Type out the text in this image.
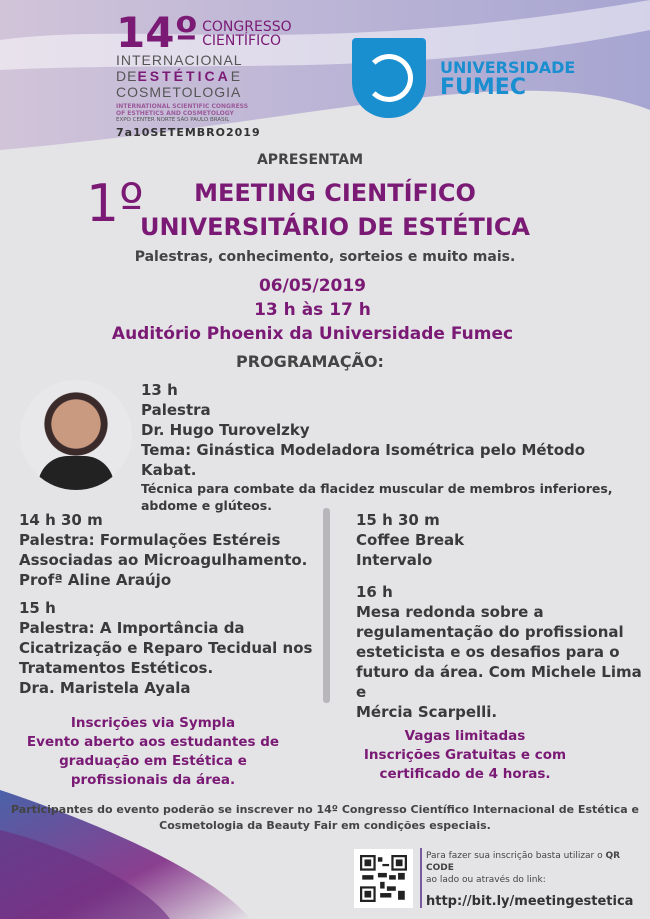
14º CONGRESSO
CIENTÍFICO
INTERNACIONAL
DEESTÉTICAE
COSMETOLOGIA
INTERNATIONAL SCIENTIFIC CONGRESS
OF ESTHETICS AND COSMETOLOGY
EXPO CENTER NORTE SÃO PAULO BRASIL
7a10SETEMBRO2019
UNIVERSIDADE
FUMEC
APRESENTAM
1º	MEETING CIENTÍFICO
UNIVERSITÁRIO DE ESTÉTICA
Palestras, conhecimento, sorteios e muito mais.
06/05/2019
13 h às 17 h
Auditório Phoenix da Universidade Fumec
PROGRAMAÇÃO:
13 h
Palestra
Dr. Hugo Turovelzky
Tema: Ginástica Modeladora Isométrica pelo Método Kabat.
Técnica para combate da flacidez muscular de membros inferiores, abdome e glúteos.
14 h 30 m
Palestra: Formulações Estéreis
Associadas ao Microagulhamento.
Profª Aline Araújo
15 h
Palestra: A Importância da
Cicatrização e Reparo Tecidual nos
Tratamentos Estéticos.
Dra. Maristela Ayala
15 h 30 m
Coffee Break
Intervalo
16 h
Mesa redonda sobre a
regulamentação do profissional
esteticista e os desafios para o
futuro da área. Com Michele Lima e
Mércia Scarpelli.
Inscrições via Sympla
Evento aberto aos estudantes de
graduação em Estética e
profissionais da área.
Vagas limitadas
Inscrições Gratuitas e com
certificado de 4 horas.
Participantes do evento poderão se inscrever no 14º Congresso Científico Internacional de Estética e
Cosmetologia da Beauty Fair em condições especiais.
Para fazer sua inscrição basta utilizar o QR CODE
ao lado ou através do link:
http://bit.ly/meetingestetica
